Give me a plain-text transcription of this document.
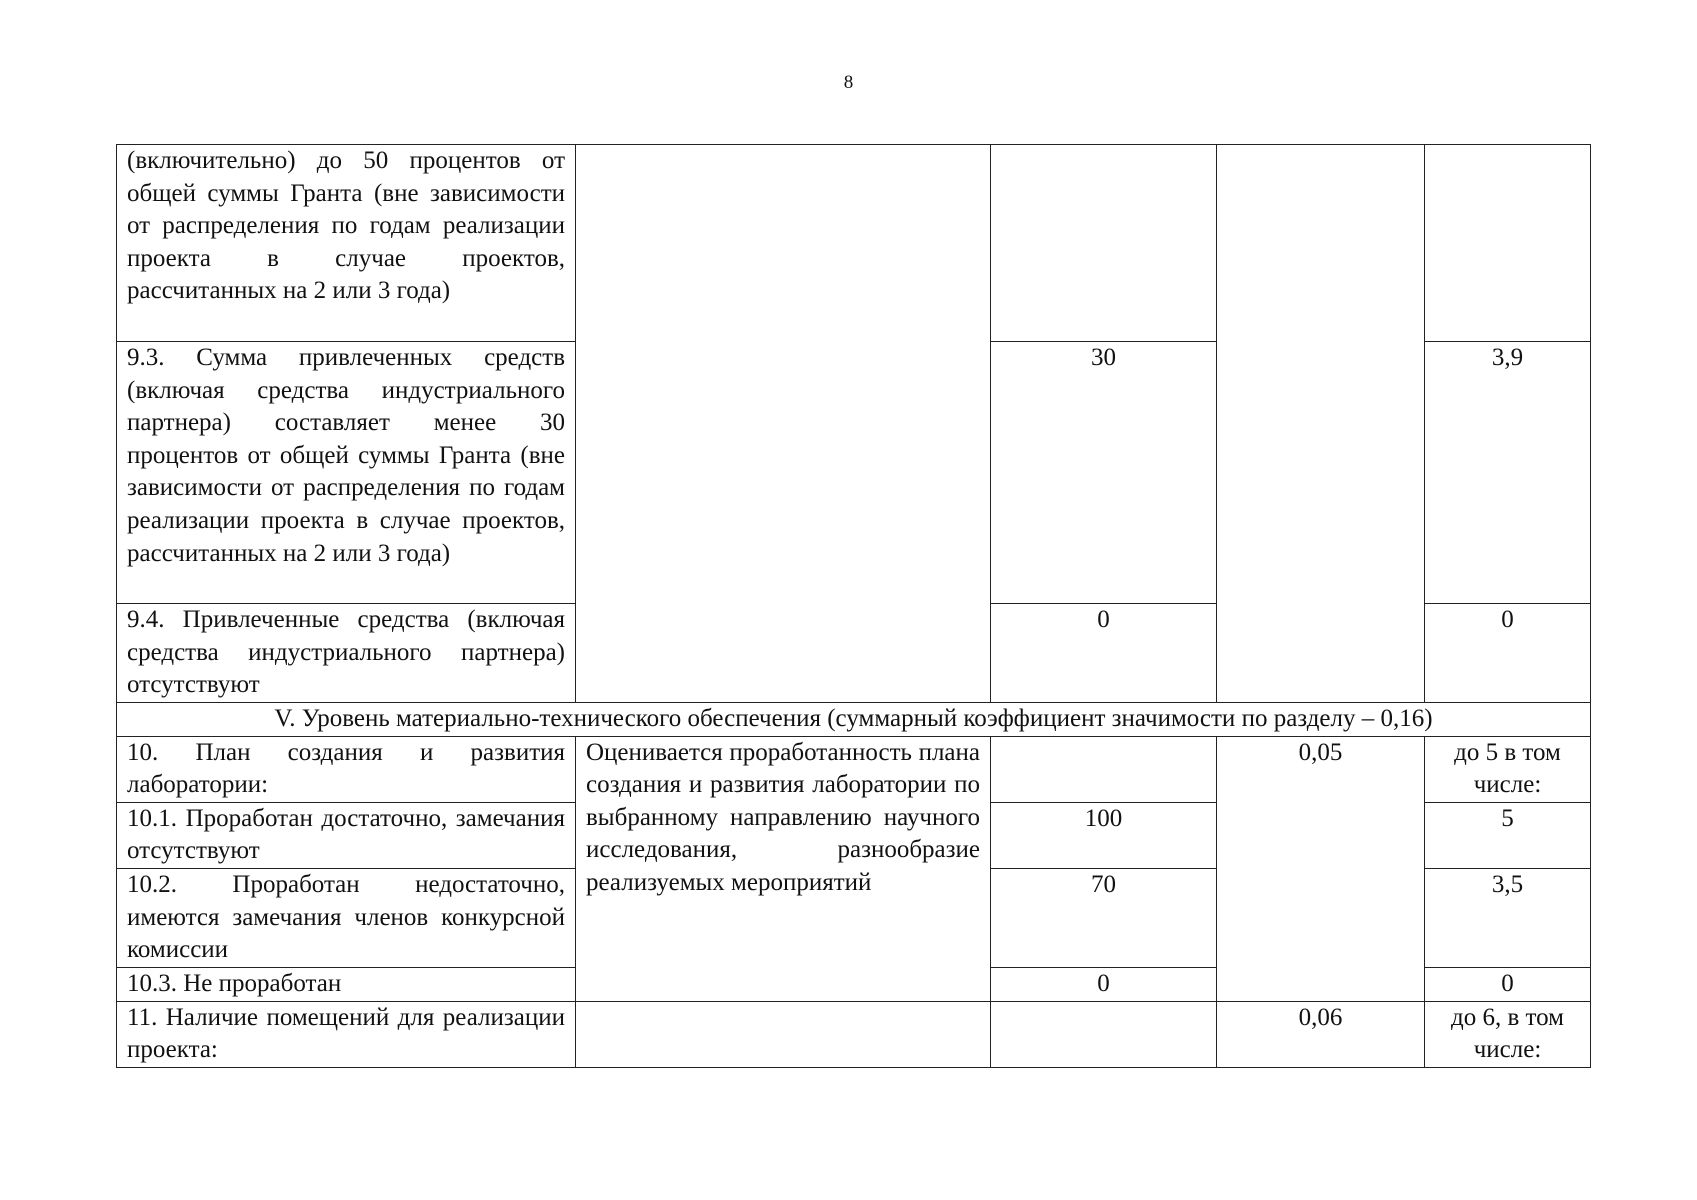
8
(включительно) до 50 процентов от общей суммы Гранта (вне зависимости от распределения по годам реализации проекта в случае проектов, рассчитанных на 2 или 3 года)				
9.3. Сумма привлеченных средств (включая средства индустриального партнера) составляет менее 30 процентов от общей суммы Гранта (вне зависимости от распределения по годам реализации проекта в случае проектов, рассчитанных на 2 или 3 года)		30		3,9
9.4. Привлеченные средства (включая средства индустриального партнера) отсутствуют		0		0
V. Уровень материально-технического обеспечения (суммарный коэффициент значимости по разделу – 0,16)				
10. План создания и развития лаборатории:	Оценивается проработанность плана создания и развития лаборатории по выбранному направлению научного исследования, разнообразие реализуемых мероприятий		0,05	до 5 в том числе:
10.1. Проработан достаточно, замечания отсутствуют		100		5
10.2. Проработан недостаточно, имеются замечания членов конкурсной комиссии		70		3,5
10.3. Не проработан		0		0
11. Наличие помещений для реализации проекта:			0,06	до 6, в том числе:
